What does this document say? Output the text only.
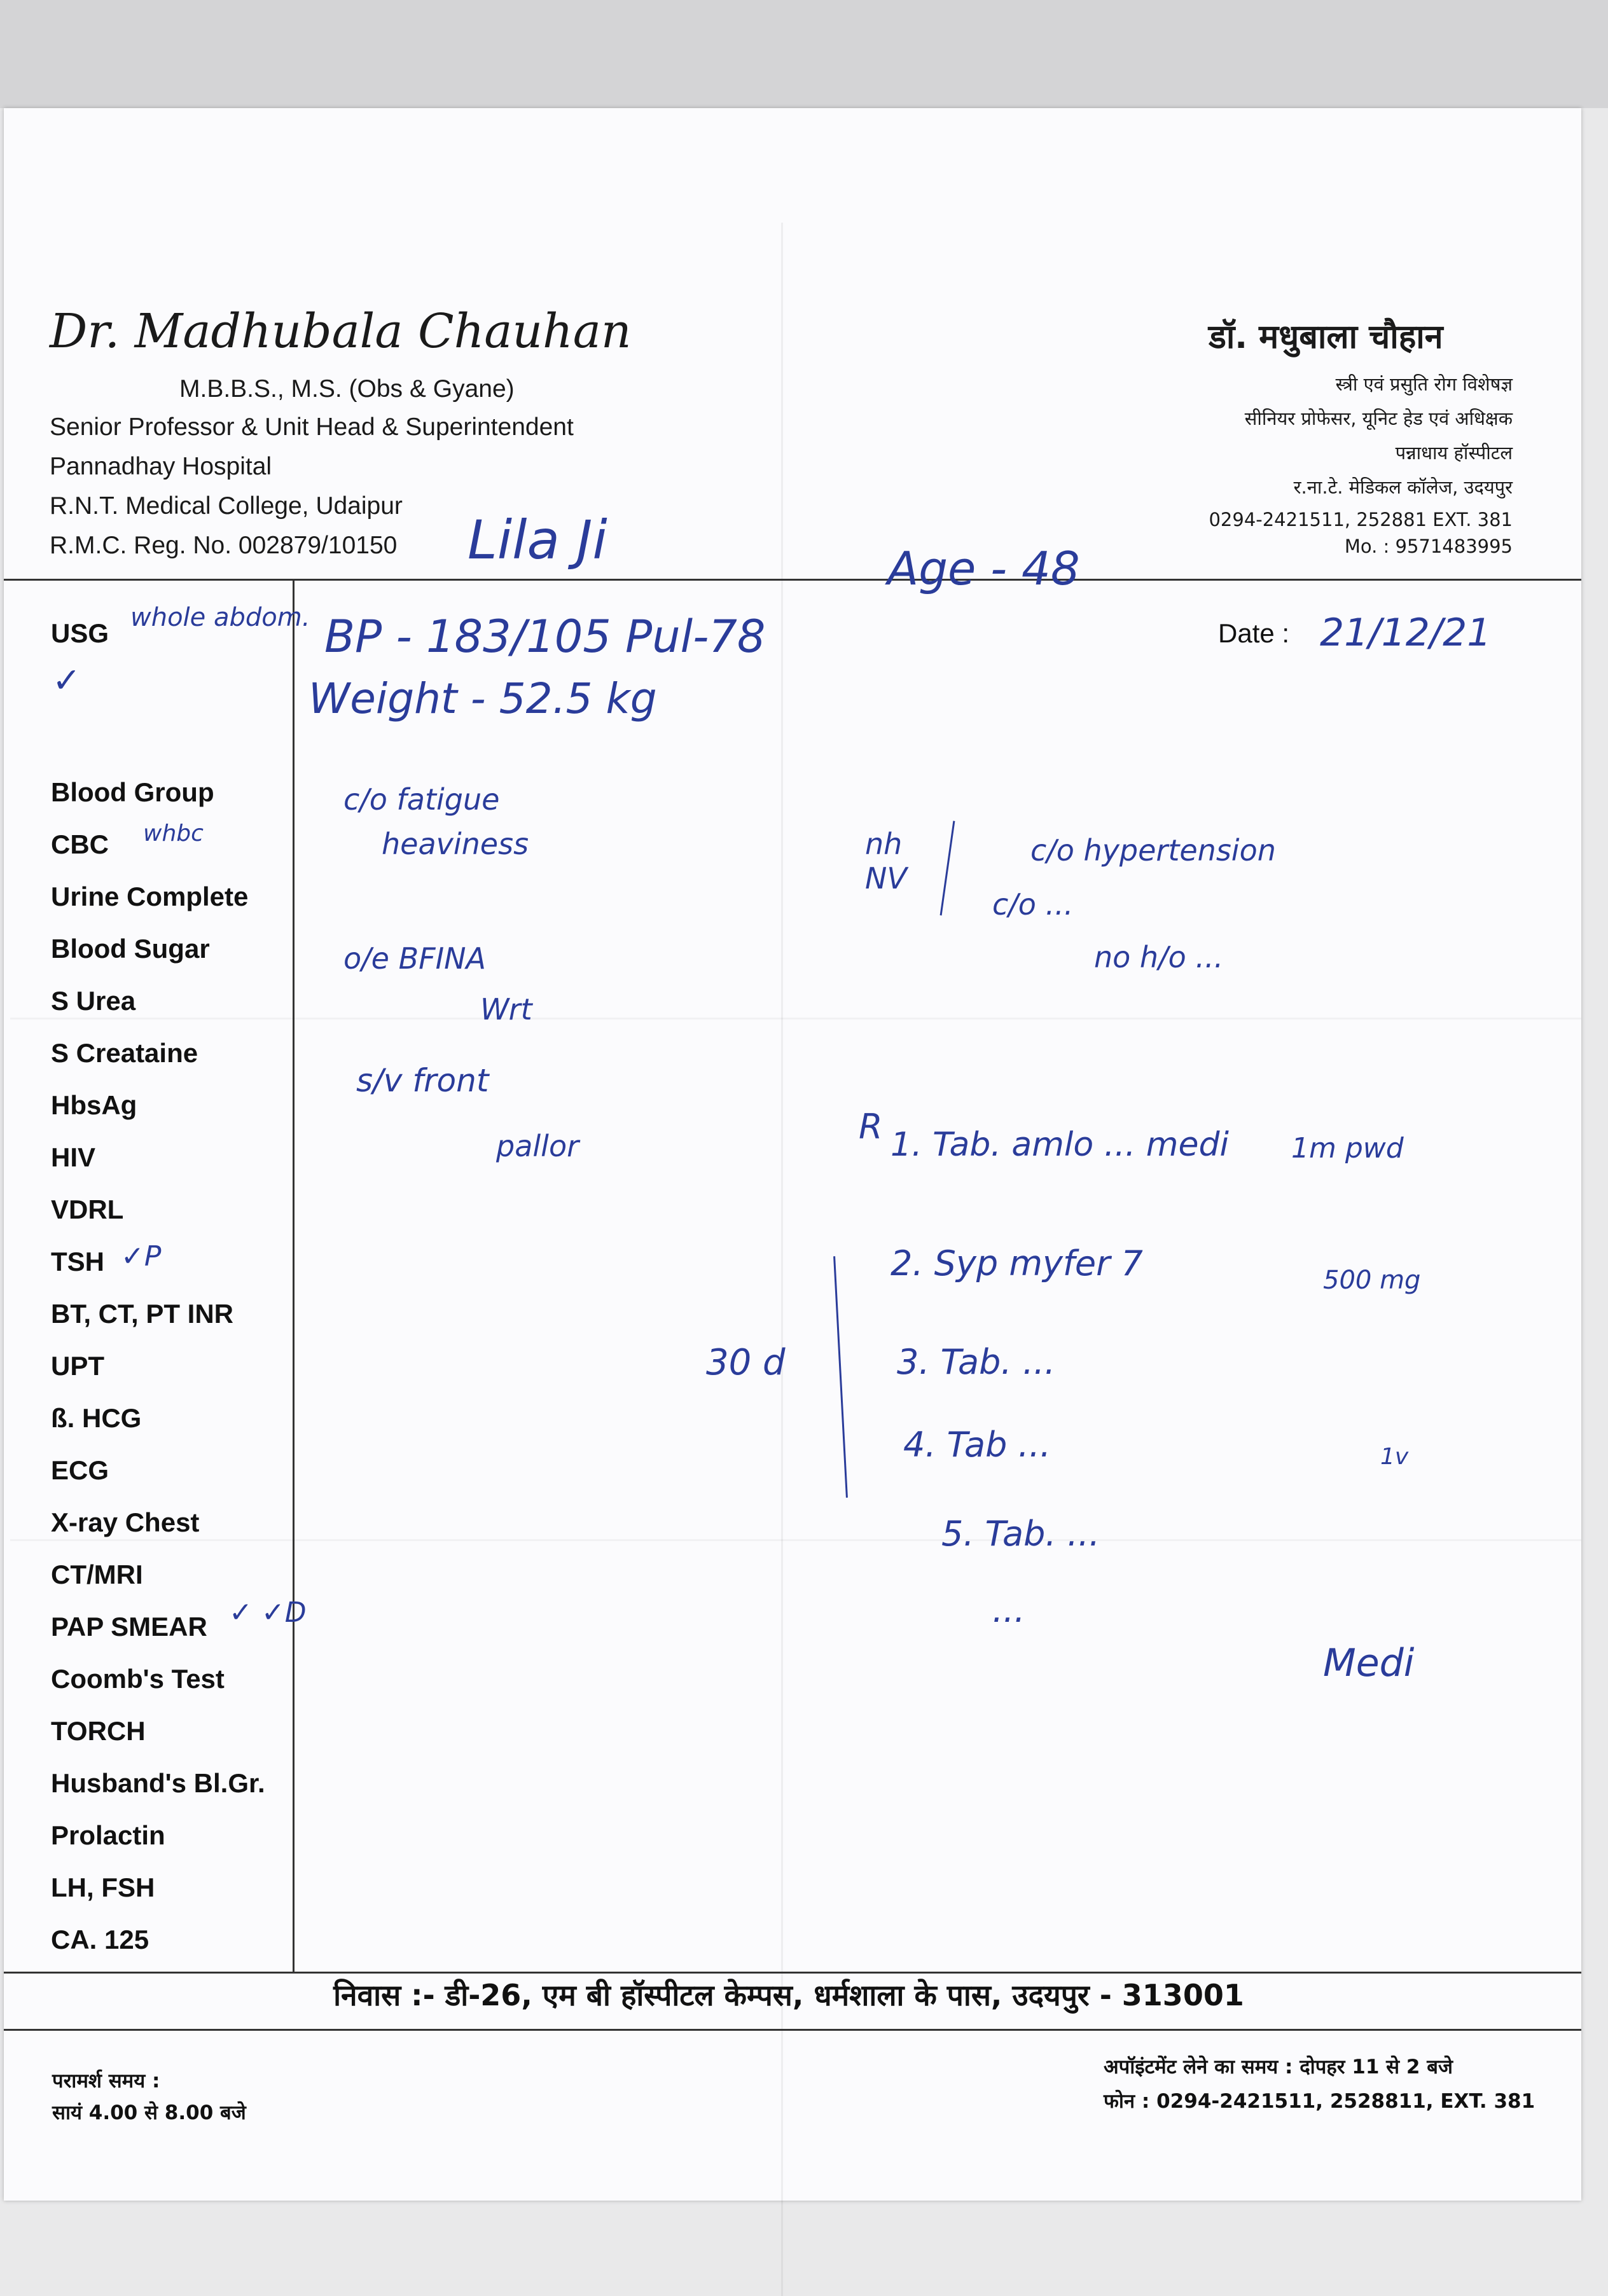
Dr. Madhubala Chauhan
M.B.B.S., M.S. (Obs & Gyane)
Senior Professor & Unit Head & Superintendent
Pannadhay Hospital
R.N.T. Medical College, Udaipur
R.M.C. Reg. No. 002879/10150
डॉ. मधुबाला चौहान
स्त्री एवं प्रसुति रोग विशेषज्ञ
सीनियर प्रोफेसर, यूनिट हेड एवं अधिक्षक
पन्नाधाय हॉस्पीटल
र.ना.टे. मेडिकल कॉलेज, उदयपुर
0294-2421511, 252881 EXT. 381
Mo. : 9571483995
USG
Blood Group
CBC
Urine Complete
Blood Sugar
S Urea
S Creataine
HbsAg
HIV
VDRL
TSH
BT, CT, PT INR
UPT
ß. HCG
ECG
X-ray Chest
CT/MRI
PAP SMEAR
Coomb's Test
TORCH
Husband's Bl.Gr.
Prolactin
LH, FSH
CA. 125
Date :
निवास :- डी-26, एम बी हॉस्पीटल केम्पस, धर्मशाला के पास, उदयपुर - 313001
परामर्श समय :
सायं 4.00 से 8.00 बजे
अपॉइंटमेंट लेने का समय : दोपहर 11 से 2 बजे
फोन : 0294-2421511, 2528811, EXT. 381
Lila Ji	Age - 48
21/12/21
whole abdom.
✓
BP - 183/105 Pul-78
Weight - 52.5 kg
c/o fatigue
heaviness
o/e BFINA
Wrt
s/v front
pallor
c/o hypertension
c/o ...
no h/o ...
nh
NV
R 1. Tab. amlo ... medi 1m pwd
2. Syp myfer 7	500 mg
3. Tab. ...
4. Tab ...	1v
5. Tab. ...
...
Medi
30 d
whbc
✓P
✓ ✓D
